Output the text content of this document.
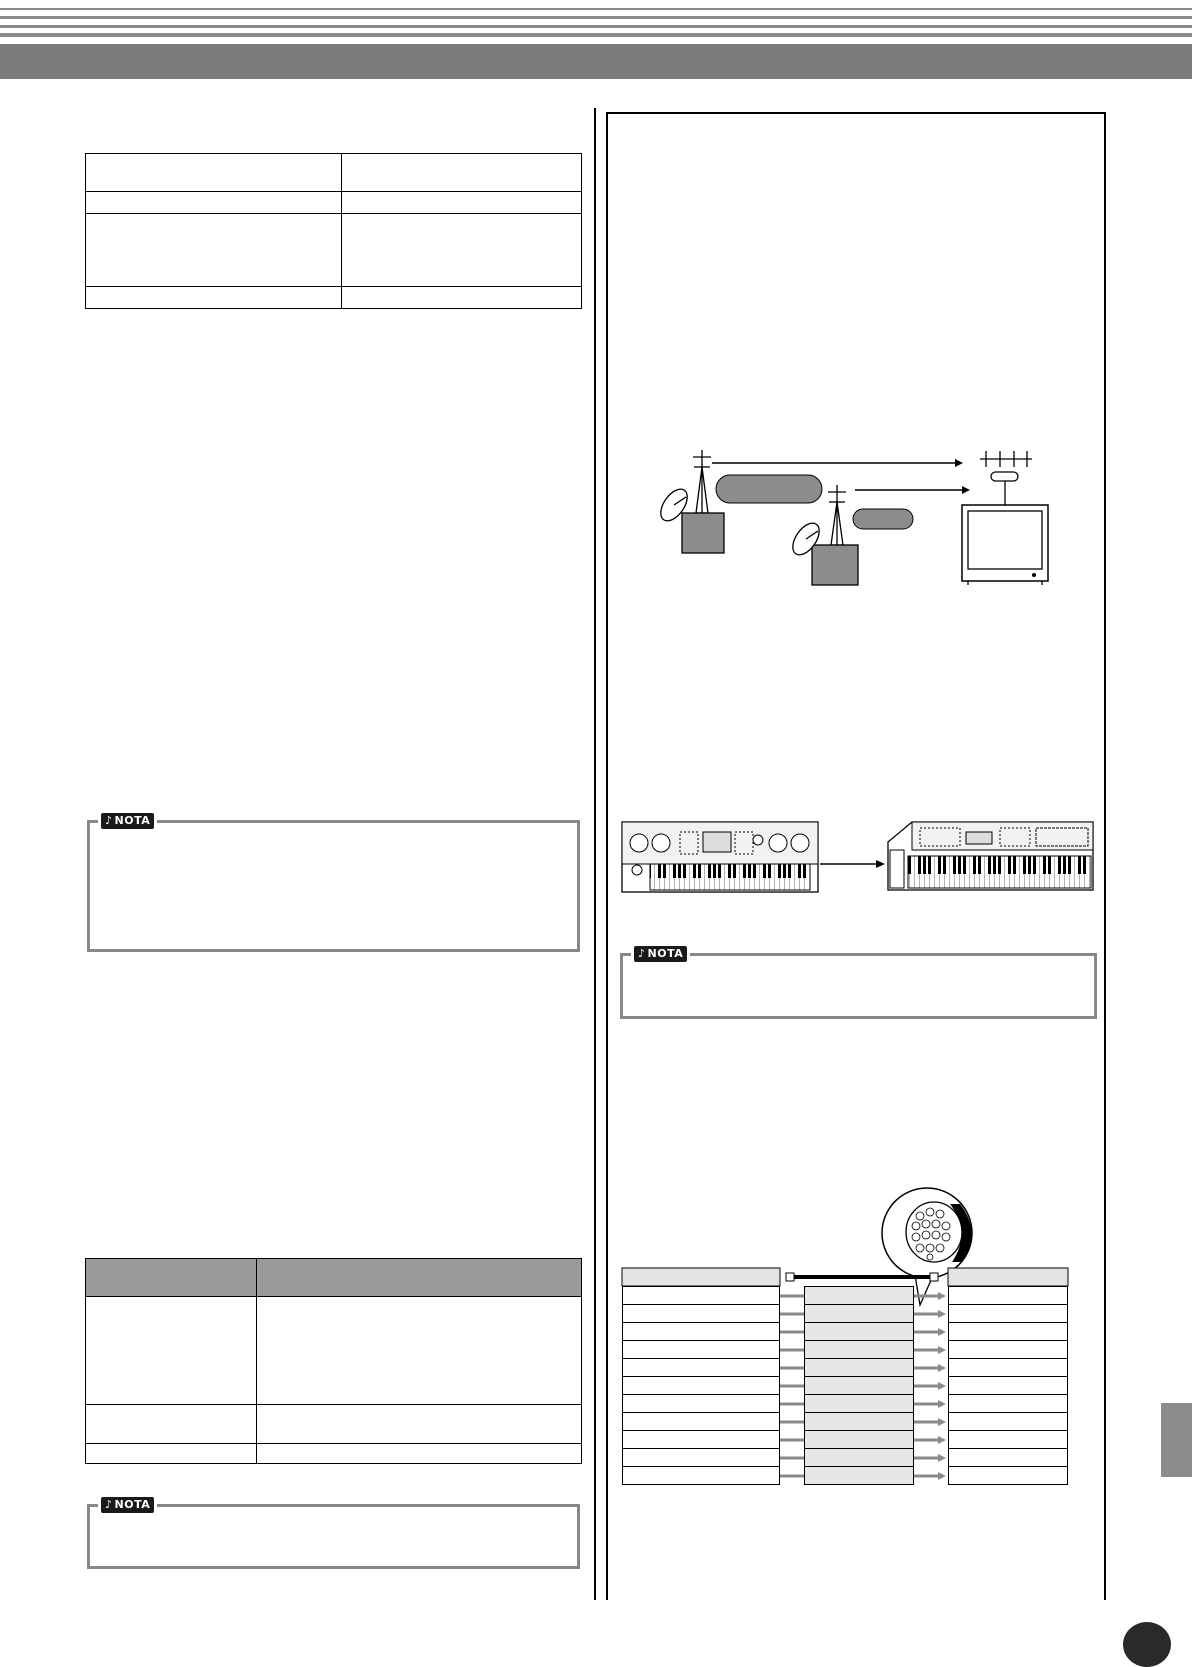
♪ NOTA

♪ NOTA
♪ NOTA
